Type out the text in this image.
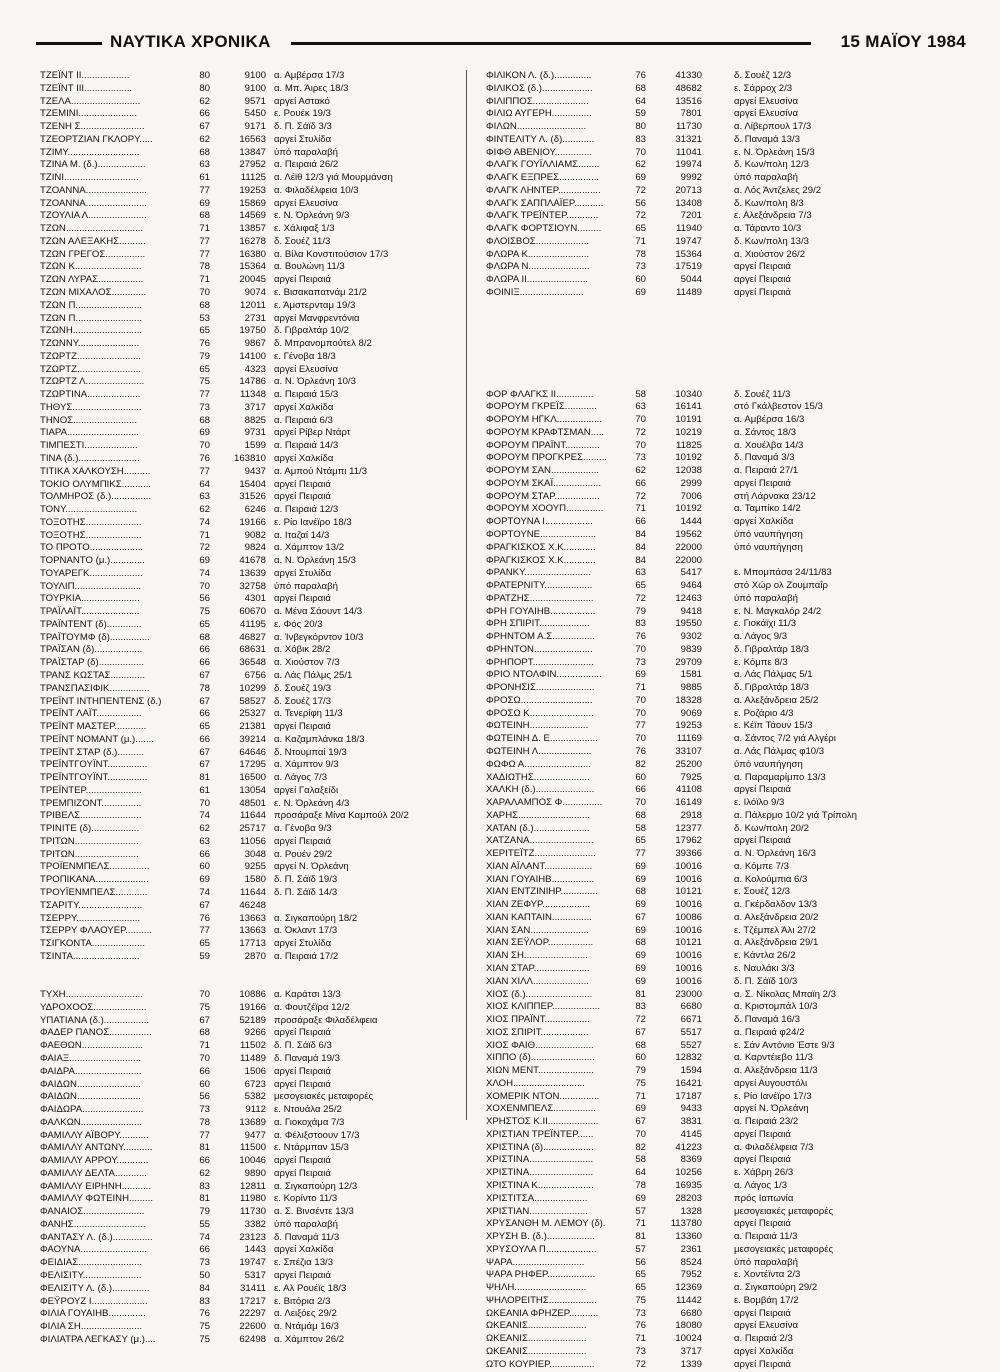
ΝΑΥΤΙΚΑ ΧΡΟΝΙΚΑ	15 ΜΑΪΟΥ 1984
ΤΖΕΪΝΤ ΙΙ..................	80	9100 α. Αμβέρσα 17/3
ΤΖΕΪΝΤ ΙΙΙ..................	80	9100 α. Μπ. Άιρες 18/3
ΤΖΕΛΑ..........................	62	9571 αργεί Αστακό
ΤΖΕΜΙΝΙ......................	66	5450 ε. Ρουέκ 19/3
ΤΖΕΝΗ Σ........................	67	9171 δ. Π. Σάϊδ 3/3
ΤΖΕΟΡΤΖΙΑΝ ΓΚΛΟΡΥ.....	62	16563 αργεί Στυλίδα
ΤΖΙΜΥ...........................	68	13847 ύπό παραλαβή
ΤΖΙΝΑ Μ. (δ.)..................	63	27952 α. Πειραιά 26/2
ΤΖΙΝΙ............................	61	11125 α. Λέϊθ 12/3 γιά Μουρμάνση
ΤΖΟΑΝΝΑ.......................	77	19253 α. Φιλαδέλφεια 10/3
ΤΖΟΑΝΝΑ.......................	69	15869 αργεί Ελευσίνα
ΤΖΟΥΛΙΑ Λ......................	68	14569 ε. Ν. Όρλεάνη 9/3
ΤΖΩΝ.............................	71	13857 ε. Χάλιφαξ 1/3
ΤΖΩΝ ΑΛΕΞΑΚΗΣ..........	77	16278 δ. Σουέζ 11/3
ΤΖΩΝ ΓΡΕΓΟΣ...............	77	16380 α. Βίλα Κονστιτούσιον 17/3
ΤΖΩΝ Κ.........................	78	15364 α. Βουλώνη 11/3
ΤΖΩΝ ΛΥΡΑΣ.................	71	20045 αργεί Πειραιά
ΤΖΩΝ ΜΙΧΑΛΟΣ.............	70	9074 ε. Βισακαπατνάμ 21/2
ΤΖΩΝ Π.........................	68	12011 ε. Άμστερνταμ 19/3
ΤΖΩΝ Π.........................	53	2731 αργεί Μανφρεντόνια
ΤΖΩΝΗ..........................	65	19750 δ. Γιβραλτάρ 10/2
ΤΖΩΝΝΥ.......................	76	9867 δ. Μπρανομπούτελ 8/2
ΤΖΩΡΤΖ........................	79	14100 ε. Γένοβα 18/3
ΤΖΩΡΤΖ........................	65	4323 αργεί Ελευσίνα
ΤΖΩΡΤΖ Λ......................	75	14786 α. Ν. Όρλεάνη 10/3
ΤΖΩΡΤΙΝΑ....................	77	11348 α. Πειραιά 15/3
ΤΗΘΥΣ..........................	73	3717 αργεί Χαλκίδα
ΤΗΝΟΣ........................	68	8825 α. Πειραιά 6/3
ΤΙΑΡΑ...........................	69	9731 αργεί Ρίβερ Ντάρτ
ΤΙΜΠΕΣΤΙ....................	70	1599 α. Πειραιά 14/3
ΤΙΝΑ (δ.).......................	76	163810 αργεί Χαλκίδα
ΤΙΤΙΚΑ ΧΑΛΚΟΥΣΗ..........	77	9437 α. Αμπού Ντάμπι 11/3
ΤΟΚΙΟ ΟΛΥΜΠΙΚΣ...........	64	15404 αργεί Πειραιά
ΤΟΛΜΗΡΟΣ (δ.)...............	63	31526 αργεί Πειραιά
ΤΟΝΥ...........................	62	6246 α. Πειραιά 12/3
ΤΟΞΟΤΗΣ.....................	74	19166 ε. Ρίο Ιανέϊρο 18/3
ΤΟΞΟΤΗΣ.....................	71	9082 α. Ιταζαί 14/3
ΤΟ ΠΡΟΤΟ....................	72	9824 α. Χάμπτον 13/2
ΤΟΡΝΑΝΤΟ (μ.).............	69	41678 α. Ν. Όρλεάνη 15/3
ΤΟΥΑΡΕΓΚ....................	74	13639 αργεί Στυλίδα
ΤΟΥΛΙΠ.........................	70	32758 ύπό παραλαβή
ΤΟΥΡΚΙΑ......................	56	4301 αργεί Πειραιά
ΤΡΑΪΛΑΪΤ......................	75	60670 α. Μένα Σάουντ 14/3
ΤΡΑΪΝΤΕΝΤ (δ).............	65	41195 ε. Φός 20/3
ΤΡΑΪΤΟΥΜΦ (δ)...............	68	46827 α. Ίνβεγκόρντον 10/3
ΤΡΑΪΣΑΝ (δ)..................	66	68631 α. Χόβικ 28/2
ΤΡΑΪΣΤΑΡ (δ).................	66	36548 α. Χιούστον 7/3
ΤΡΑΝΣ ΚΩΣΤΑΣ.............	67	6756 α. Λάς Πάλμς 25/1
ΤΡΑΝΣΠΑΣΙΦΙΚ...............	78	10299 δ. Σουέζ 19/3
ΤΡΕΪΝΤ ΙΝΤΗΠΕΝΤΕΝΣ (δ.)	67	58527 δ. Σουέζ 17/3
ΤΡΕΪΝΤ ΛΑΪΤ.................	66	25327 α. Τενερίφη 11/3
ΤΡΕΪΝΤ ΜΑΣΤΕΡ............	65	21381 αργεί Πειραιά
ΤΡΕΪΝΤ ΝΟΜΑΝΤ (μ.).......	66	39214 α. Καζαμπλάνκα 18/3
ΤΡΕΪΝΤ ΣΤΑΡ (δ.)..........	67	64646 δ. Ντουμπαί 19/3
ΤΡΕΪΝΤΓΟΥΪΝΤ...............	67	17295 α. Χάμπτον 9/3
ΤΡΕΪΝΤΓΟΥΪΝΤ...............	81	16500 α. Λάγος 7/3
ΤΡΕΪΝΤΕΡ.....................	61	13054 αργεί Γαλαξείδι
ΤΡΕΜΠΙΖΟΝΤ...............	70	48501 ε. Ν. Όρλεάνη 4/3
ΤΡΙΒΕΛΣ.......................	74	11644 προσάραξε Μίνα Καμπούλ 20/2
ΤΡΙΝΙΤΕ (δ)..................	62	25717 α. Γένοβα 9/3
ΤΡΙΤΩΝ........................	63	11056 αργεί Πειραιά
ΤΡΙΤΩΝ........................	66	3048 α. Ρουέν 29/2
ΤΡΟΪΕΝΜΠΕΛΣ...............	60	9255 αργεί Ν. Όρλεάνη
ΤΡΟΠΙΚΑΝΑ....................	69	1580 δ. Π. Σάϊδ 19/3
ΤΡΟΥΪΕΝΜΠΕΛΣ............	74	11644 δ. Π. Σάϊδ 14/3
ΤΣΑΡΙΤΥ........................	67	46248
ΤΣΕΡΡΥ........................	76	13663 α. Σιγκαπούρη 18/2
ΤΣΕΡΡΥ ΦΛΑΟΥΕΡ..........	77	13663 α. Όκλαντ 17/3
ΤΣΙΓΚΟΝΤΑ....................	65	17713 αργεί Στυλίδα
ΤΣΙΝΤΑ.........................	59	2870 α. Πειραιά 17/2
ΤΥΧΗ.............................	70	10886 α. Καράτσι 13/3
ΥΔΡΟΧΟΟΣ....................	75	19166 α. Φουτζέϊρα 12/2
ΥΠΑΤΙΑΝΑ (δ.).................	67	52189 προσάραξε Φιλαδέλφεια
ΦΑΔΕΡ ΠΑΝΟΣ................	68	9266 αργεί Πειραιά
ΦΑΕΘΩΝ.......................	71	11502 δ. Π. Σάϊδ 6/3
ΦΑΙΑΞ...........................	70	11489 δ. Παναμά 19/3
ΦΑΙΔΡΑ.........................	66	1506 αργεί Πειραιά
ΦΑΙΔΩΝ........................	60	6723 αργεί Πειραιά
ΦΑΙΔΩΝ........................	56	5382 μεσογειακές μεταφορές
ΦΑΙΔΩΡΑ.......................	73	9112 ε. Ντουάλα 25/2
ΦΑΛΚΩΝ.......................	78	13689 α. Γιοκοχάμα 7/3
ΦΑΜΙΛΛΥ ΑΪΒΟΡΥ...........	77	9477 α. Φέλιξστοουν 17/3
ΦΑΜΙΛΛΥ ΑΝΤΩΝΥ...........	81	11500 ε. Ντάρμπαν 15/3
ΦΑΜΙΛΛΥ ΑΡΡΟΥ............	66	10046 αργεί Πειραιά
ΦΑΜΙΛΛΥ ΔΕΛΤΑ............	62	9890 αργεί Πειραιά
ΦΑΜΙΛΛΥ ΕΙΡΗΝΗ...........	83	12811 α. Σιγκαπούρη 12/3
ΦΑΜΙΛΛΥ ΦΩΤΕΙΝΗ.........	81	11980 ε. Κορίντο 11/3
ΦΑΝΑΙΟΣ.......................	79	11730 α. Σ. Βινσέντε 13/3
ΦΑΝΗΣ...........................	55	3382 ύπό παραλαβή
ΦΑΝΤΑΣΥ Λ. (δ.)...............	74	23123 δ. Παναμά 11/3
ΦΑΟΥΝΑ.........................	66	1443 αργεί Χαλκίδα
ΦΕΙΔΙΑΣ........................	73	19747 ε. Σπέζια 13/3
ΦΕΛΙΣΙΤΥ......................	50	5317 αργεί Πειραιά
ΦΕΛΙΣΙΤΥ Λ. (δ.)..............	84	31411 ε. Αλ Ρουέϊς 18/3
ΦΕΫΡΟΥΖ Ι.....................	83	17217 ε. Βιτόρια 2/3
ΦΙΛΙΑ ΓΟΥΑΙΗΒ..............	76	22297 α. Λειξόες 29/2
ΦΙΛΙΑ ΣΗ.......................	75	22600 α. Ντάμάμ 16/3
ΦΙΛΙΑΤΡΑ ΛΕΓΚΑΣΥ (μ.)....	75	62498 α. Χάμπτον 26/2
ΦΙΛΙΚΟΝ Λ. (δ.)..............	76	41330	δ. Σουέζ 12/3
ΦΙΛΙΚΟΣ (δ.)...................	68	48682	ε. Σάρροχ 2/3
ΦΙΛΙΠΠΟΣ.....................	64	13516	αργεί Ελευσίνα
ΦΙΛΙΩ ΑΥΓΕΡΗ...............	59	7801	αργεί Ελευσίνα
ΦΙΛΩΝ..........................	80	11730	α. Λίβερπουλ 17/3
ΦΙΝΤΕΛΙΤΥ Λ. (δ)............	83	31321	δ. Παναμά 13/3
ΦΙΦΘ ΑΒΕΝΙΟΥ..............	70	11041	ε. Ν. Όρλεάνη 15/3
ΦΛΑΓΚ ΓΟΥΪΛΛΙΑΜΣ........	62	19974	δ. Κων/πολη 12/3
ΦΛΑΓΚ ΕΞΠΡΕΣ...............	69	9992	ύπό παραλαβή
ΦΛΑΓΚ ΛΗΝΤΕΡ................	72	20713	α. Λός Άντζελες 29/2
ΦΛΑΓΚ ΣΑΠΠΛΑΪΕΡ...........	56	13408	δ. Κων/πολη 8/3
ΦΛΑΓΚ ΤΡΕΪΝΤΕΡ............	72	7201	ε. Αλεξάνδρεια 7/3
ΦΛΑΓΚ ΦΟΡΤΣΙΟΥΝ.........	65	11940	α. Τάραντο 10/3
ΦΛΟΙΣΒΟΣ....................	71	19747	δ. Κων/πολη 13/3
ΦΛΩΡΑ Κ.......................	78	15364	α. Χιούστον 26/2
ΦΛΩΡΑ Ν.......................	73	17519	αργεί Πειραιά
ΦΛΩΡΑ ΙΙ.......................	60	5044	αργεί Πειραιά
ΦΟΙΝΙΞ........................	69	11489	αργεί Πειραιά
ΦΟΡ ΦΛΑΓΚΣ ΙΙ..............	58	10340	δ. Σουέζ 11/3
ΦΟΡΟΥΜ ΓΚΡΕΪΣ............	63	16141	στό Γκάλβεστον 15/3
ΦΟΡΟΥΜ ΗΓΚΛ.................	70	10191	α. Αμβέρσα 16/3
ΦΟΡΟΥΜ ΚΡΑΦΤΣΜΑΝ.....	72	10219	α. Σάντος 18/3
ΦΟΡΟΥΜ ΠΡΑΪΝΤ.............	70	11825	α. Χουέλβα 14/3
ΦΟΡΟΥΜ ΠΡΟΓΚΡΕΣ.........	73	10192	δ. Παναμά 3/3
ΦΟΡΟΥΜ ΣΑΝ..................	62	12038	α. Πειραιά 27/1
ΦΟΡΟΥΜ ΣΚΑΪ..................	66	2999	αργεί Πειραιά
ΦΟΡΟΥΜ ΣΤΑΡ.................	72	7006	στή Λάρνακα 23/12
ΦΟΡΟΥΜ ΧΟΟΥΠ..............	71	10192	α. Ταμπίκο 14/2
ΦΟΡΤΟΥΝΑ Ι..................	66	1444	αργεί Χαλκίδα
ΦΟΡΤΟΥΝΕ.....................	84	19562	ύπό ναυπήγηση
ΦΡΑΓΚΙΣΚΟΣ Χ.Κ............	84	22000	ύπό ναυπήγηση
ΦΡΑΓΚΙΣΚΟΣ Χ.Κ............	84	22000
ΦΡΑΝΚΥ.........................	63	5417	ε. Μπομπάσα 24/11/83
ΦΡΑΤΕΡΝΙΤΥ..................	65	9464	στό Χώρ ολ Ζουμπαΐρ
ΦΡΑΤΖΗΣ........................	72	12463	ύπό παραλαβή
ΦΡΗ ΓΟΥΑΙΗΒ.................	79	9418	ε. Ν. Μαγκαλόρ 24/2
ΦΡΗ ΣΠΙΡΙΤ...................	83	19550	ε. Γιοκάϊχι 11/3
ΦΡΗΝΤΟΜ Α.Σ................	76	9302	α. Λάγος 9/3
ΦΡΗΝΤΟΝ......................	70	9839	δ. Γιβραλτάρ 18/3
ΦΡΗΠΟΡΤ.......................	73	29709	ε. Κόμπε 8/3
ΦΡΙΟ ΝΤΟΛΦΙΝ.................	69	1581	α. Λάς Πάλμας 5/1
ΦΡΟΝΗΣΙΣ......................	71	9885	δ. Γιβραλτάρ 18/3
ΦΡΟΣΩ...........................	70	18328	α. Αλεξάνδρεια 25/2
ΦΡΟΣΩ Κ........................	70	9069	ε. Ροζάριο 4/3
ΦΩΤΕΙΝΗ......................	77	19253	ε. Κέϊπ Τάουν 15/3
ΦΩΤΕΙΝΗ Δ. Ε..................	70	11169	α. Σάντος 7/2 γιά Αλγέρι
ΦΩΤΕΙΝΗ Λ....................	76	33107	α. Λάς Πάλμας φ10/3
ΦΩΦΩ Α.........................	82	25200	ύπό ναυπήγηση
ΧΑΔΙΩΤΗΣ.....................	60	7925	α. Παραμαρίμπο 13/3
ΧΑΛΚΗ (δ.)......................	66	41108	αργεί Πειραιά
ΧΑΡΑΛΑΜΠΟΣ Φ...............	70	16149	ε. Ιλόϊλο 9/3
ΧΑΡΗΣ...........................	68	2918	α. Πάλερμο 10/2 γιά Τρίπολη
ΧΑΤΑΝ (δ.).....................	58	12377	δ. Κων/πολη 20/2
ΧΑΤΖΑΝΑ........................	65	17962	αργεί Πειραιά
ΧΕΡΙΤΕΪΤΖ.......................	77	39366	α. Ν. Όρλεάνη 16/3
ΧΙΑΝ ΑΪΛΑΝΤ..................	69	10016	α. Κόμπε 7/3
ΧΙΑΝ ΓΟΥΑΙΗΒ................	69	10016	α. Κολούμπια 6/3
ΧΙΑΝ ΕΝΤΖΙΝΙΗΡ..............	68	10121	ε. Σουέζ 12/3
ΧΙΑΝ ΖΕΦΥΡ..................	69	10016	α. Γκέρδαλδον 13/3
ΧΙΑΝ ΚΑΠΤΑΙΝ...............	67	10086	α. Αλεξάνδρεια 20/2
ΧΙΑΝ ΣΑΝ......................	69	10016	ε. Τζέμπελ Άλι 27/2
ΧΙΑΝ ΣΕΫΛΟΡ.................	68	10121	α. Αλεξάνδρεια 29/1
ΧΙΑΝ ΣΗ........................	69	10016	ε. Κάντλα 26/2
ΧΙΑΝ ΣΤΑΡ.....................	69	10016	ε. Ναυλάκι 3/3
ΧΙΑΝ ΧΙΛΛ.....................	69	10016	δ. Π. Σάϊδ 10/3
ΧΙΟΣ (δ.).........................	81	23000	α. Σ. Νίκολας Μπαϊη 2/3
ΧΙΟΣ ΚΛΙΠΠΕΡ..................	83	6680	α. Κριστομπάλ 10/3
ΧΙΟΣ ΠΡΑΪΝΤ.................	72	6671	δ. Παναμά 16/3
ΧΙΟΣ ΣΠΙΡΙΤ..................	67	5517	α. Πειραιά φ24/2
ΧΙΟΣ ΦΑΙΘ......................	68	5527	ε. Σάν Αντόνιο Έστε 9/3
ΧΙΠΠΟ (δ)........................	60	12832	α. Καρντέιεβο 11/3
ΧΙΩΝ ΜΕΝΤ.....................	79	1594	α. Αλεξάνδρεια 11/3
ΧΛΟΗ...........................	75	16421	αργεί Αυγουστόλι
ΧΟΜΕΡΙΚ ΝΤΟΝ...............	71	17187	ε. Ρίο Ιανέϊρο 17/3
ΧΟΧΕΝΜΠΕΛΣ................	69	9433	αργεί Ν. Όρλεάνη
ΧΡΗΣΤΟΣ Κ.ΙΙ...................	67	3831	α. Πειραιά 23/2
ΧΡΙΣΤΙΑΝ ΤΡΕΪΝΤΕΡ......	70	4145	αργεί Πειραιά
ΧΡΙΣΤΙΝΑ (δ)...................	82	41223	α. Φιλαδέλφεια 7/3
ΧΡΙΣΤΙΝΑ........................	58	8369	αργεί Πειραιά
ΧΡΙΣΤΙΝΑ........................	64	10256	ε. Χάβρη 26/3
ΧΡΙΣΤΙΝΑ Κ.....................	78	16935	α. Λάγος 1/3
ΧΡΙΣΤΙΤΣΑ....................	69	28203	πρός Ιαπωνία
ΧΡΙΣΤΙΑΝ......................	57	1328	μεσογειακές μεταφορές
ΧΡΥΣΑΝΘΗ Μ. ΛΕΜΟΥ (δ).	71	113780	αργεί Πειραιά
ΧΡΥΣΗ Β. (δ.)..................	81	13360	α. Πειραιά 11/3
ΧΡΥΣΟΥΛΑ Π...................	57	2361	μεσογειακές μεταφορές
ΨΑΡΑ...........................	56	8524	ύπό παραλαβή
ΨΑΡΑ ΡΗΦΕΡ..................	65	7952	ε. Χοντέϊντα 2/3
ΨΗΛΗ...........................	65	12369	α. Σιγκαπούρη 29/2
ΨΗΛΟΡΕΙΤΗΣ..................	75	11442	ε. Βομβάη 17/2
ΩΚΕΑΝΙΑ ΦΡΗΖΕΡ...........	73	6680	αργεί Πειραιά
ΩΚΕΑΝΙΣ......................	76	18080	αργεί Ελευσίνα
ΩΚΕΑΝΙΣ......................	71	10024	α. Πειραιά 2/3
ΩΚΕΑΝΙΣ......................	73	3717	αργεί Χαλκίδα
ΩΤΟ ΚΟΥΡΙΕΡ.................	72	1339	αργεί Πειραιά
